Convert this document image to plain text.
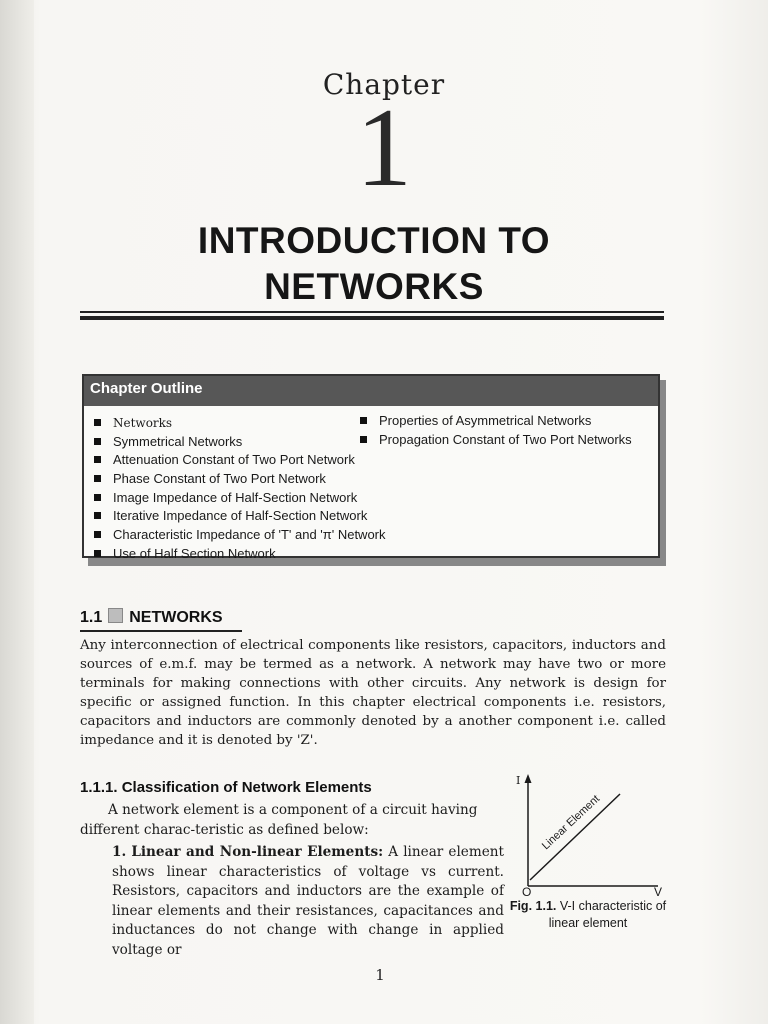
Chapter
1
INTRODUCTION TO
NETWORKS
Chapter Outline
Networks
Symmetrical Networks
Attenuation Constant of Two Port Network
Phase Constant of Two Port Network
Image Impedance of Half-Section Network
Iterative Impedance of Half-Section Network
Characteristic Impedance of 'T' and 'π' Network
Use of Half Section Network
Properties of Asymmetrical Networks
Propagation Constant of Two Port Networks
1.1 NETWORKS

Any interconnection of electrical components like resistors, capacitors, inductors and sources of e.m.f. may be termed as a network. A network may have two or more terminals for making connections with other circuits. Any network is design for specific or assigned function. In this chapter electrical components i.e. resistors, capacitors and inductors are commonly denoted by a another component i.e. called impedance and it is denoted by 'Z'.

1.1.1. Classification of Network Elements

A network element is a component of a circuit having different charac-teristic as defined below:

1. Linear and Non-linear Elements: A linear element shows linear characteristics of voltage vs current. Resistors, capacitors and inductors are the example of linear elements and their resistances, capacitances and inductances do not change with change in applied voltage or

I
V
O
Linear Element
Fig. 1.1. V-I characteristic of linear element
1
